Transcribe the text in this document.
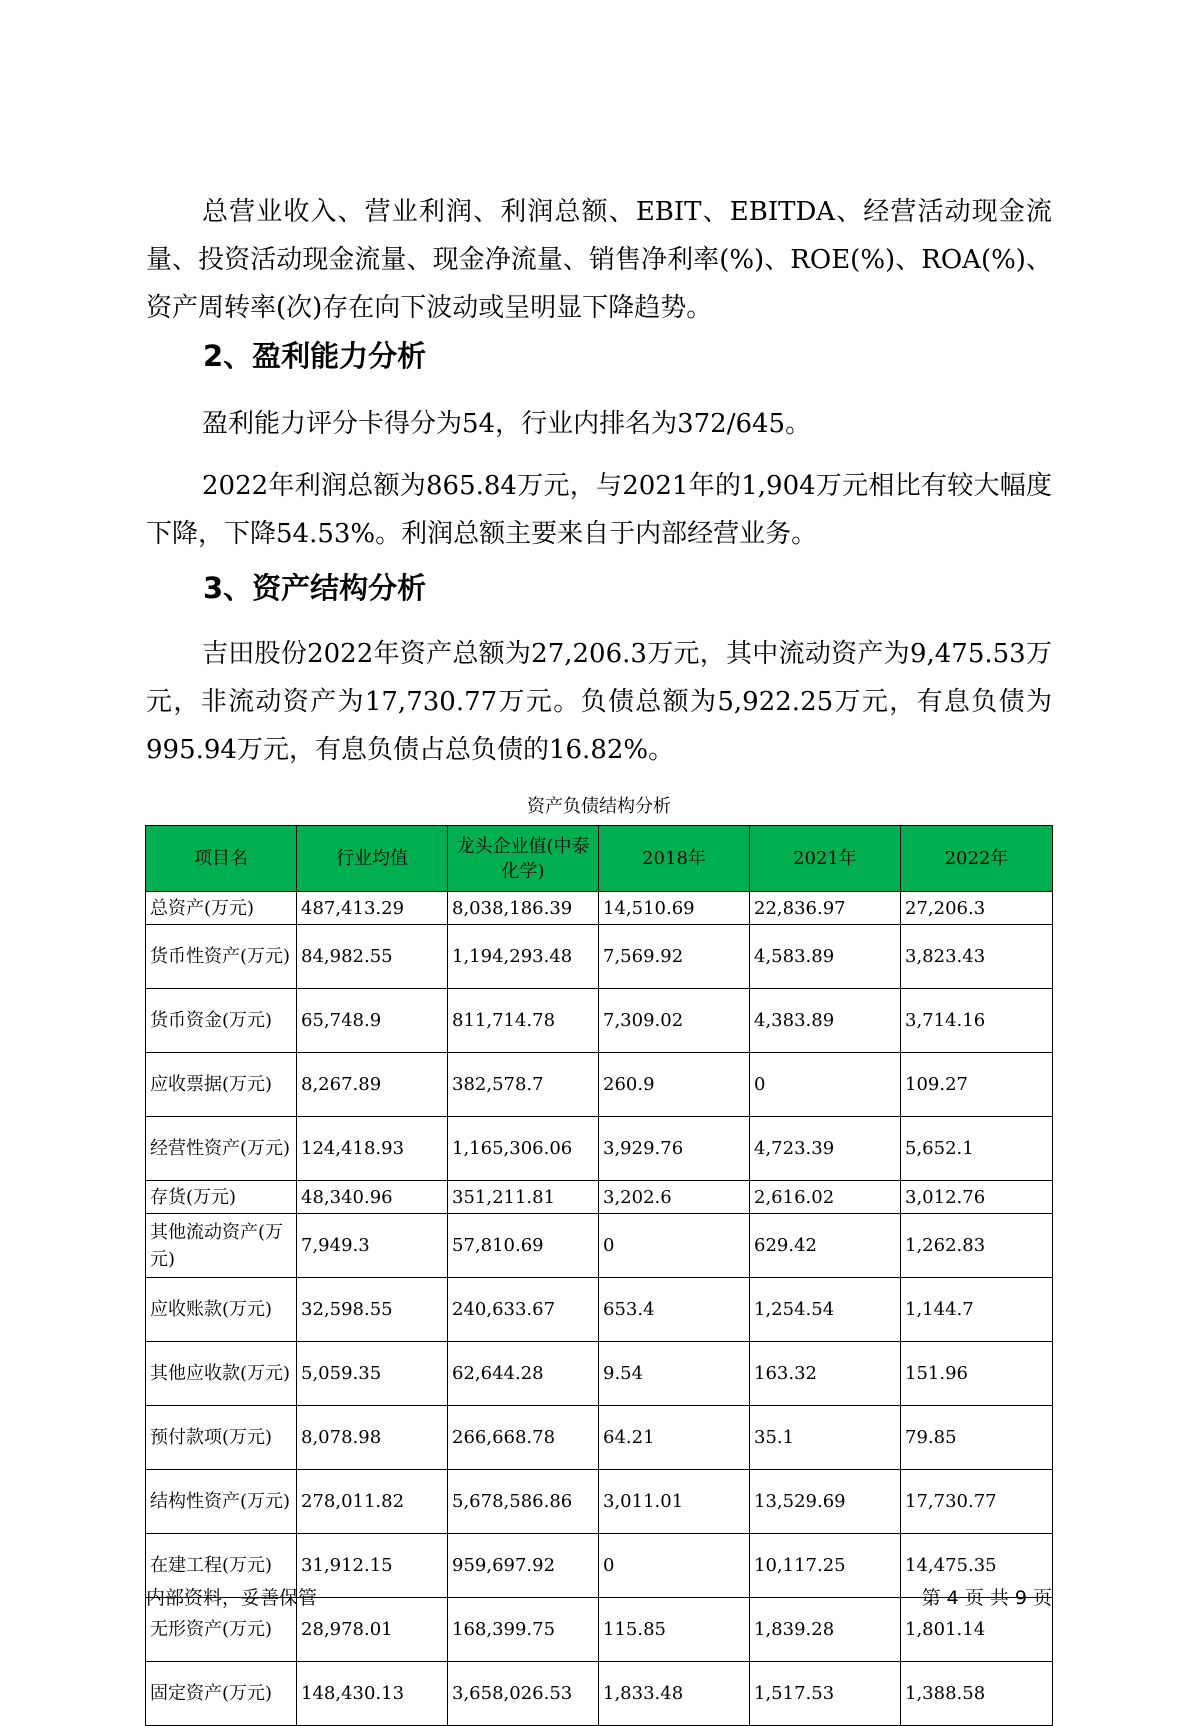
总营业收入、营业利润、利润总额、EBIT、EBITDA、经营活动现金流量、投资活动现金流量、现金净流量、销售净利率(%)、ROE(%)、ROA(%)、资产周转率(次)存在向下波动或呈明显下降趋势。

2、盈利能力分析

盈利能力评分卡得分为54，行业内排名为372/645。

2022年利润总额为865.84万元，与2021年的1,904万元相比有较大幅度下降，下降54.53%。利润总额主要来自于内部经营业务。

3、资产结构分析

吉田股份2022年资产总额为27,206.3万元，其中流动资产为9,475.53万元，非流动资产为17,730.77万元。负债总额为5,922.25万元，有息负债为995.94万元，有息负债占总负债的16.82%。

资产负债结构分析
项目名	行业均值	龙头企业值(中泰化学)	2018年	2021年	2022年
总资产(万元)	487,413.29	8,038,186.39	14,510.69	22,836.97	27,206.3
货币性资产(万元)	84,982.55	1,194,293.48	7,569.92	4,583.89	3,823.43
货币资金(万元)	65,748.9	811,714.78	7,309.02	4,383.89	3,714.16
应收票据(万元)	8,267.89	382,578.7	260.9	0	109.27
经营性资产(万元)	124,418.93	1,165,306.06	3,929.76	4,723.39	5,652.1
存货(万元)	48,340.96	351,211.81	3,202.6	2,616.02	3,012.76
其他流动资产(万元)	7,949.3	57,810.69	0	629.42	1,262.83
应收账款(万元)	32,598.55	240,633.67	653.4	1,254.54	1,144.7
其他应收款(万元)	5,059.35	62,644.28	9.54	163.32	151.96
预付款项(万元)	8,078.98	266,668.78	64.21	35.1	79.85
结构性资产(万元)	278,011.82	5,678,586.86	3,011.01	13,529.69	17,730.77
在建工程(万元)	31,912.15	959,697.92	0	10,117.25	14,475.35
无形资产(万元)	28,978.01	168,399.75	115.85	1,839.28	1,801.14
固定资产(万元)	148,430.13	3,658,026.53	1,833.48	1,517.53	1,388.58
内部资料，妥善保管	第 4 页 共 9 页
